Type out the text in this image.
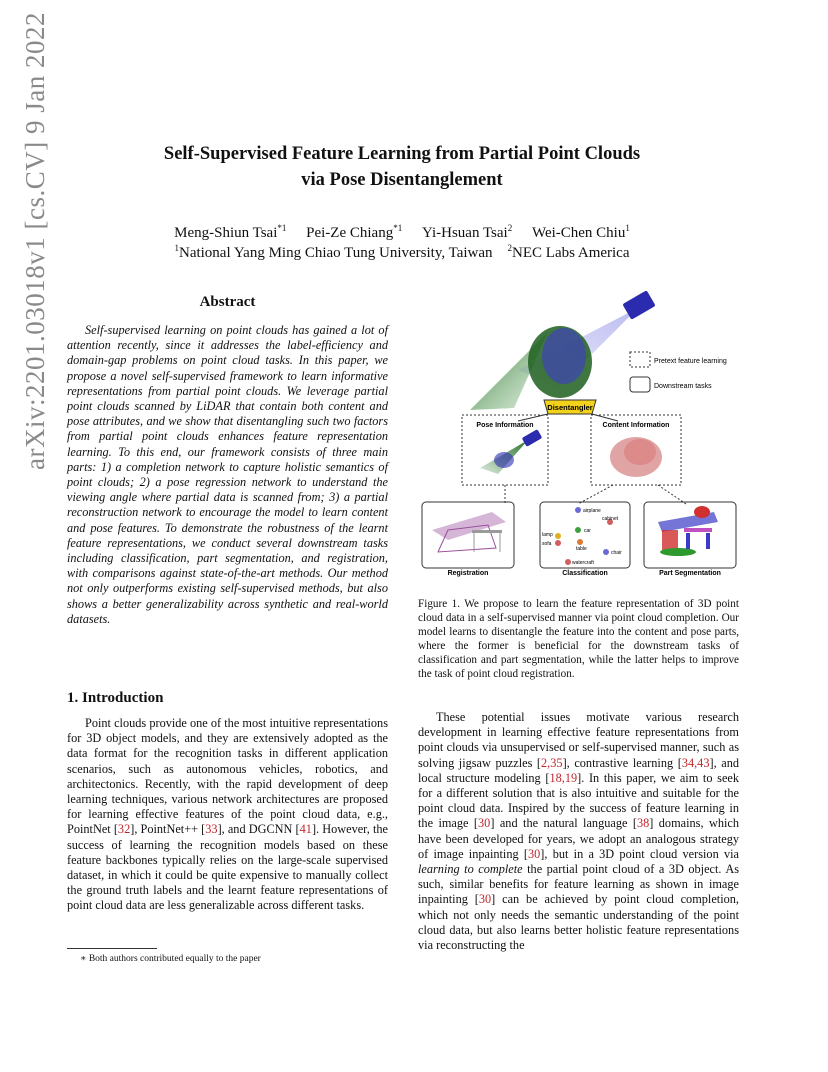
arXiv:2201.03018v1 [cs.CV] 9 Jan 2022	Self-Supervised Feature Learning from Partial Point Clouds
via Pose Disentanglement
Meng-Shiun Tsai$^{*1}$ Pei-Ze Chiang$^{*1}$ Yi-Hsuan Tsai$^2$ Wei-Chen Chiu$^1$
$^1$National Yang Ming Chiao Tung University, Taiwan $^2$NEC Labs America
Abstract

Self-supervised learning on point clouds has gained a lot of attention recently, since it addresses the label-efficiency and domain-gap problems on point cloud tasks. In this paper, we propose a novel self-supervised framework to learn informative representations from partial point clouds. We leverage partial point clouds scanned by LiDAR that contain both content and pose attributes, and we show that disentangling such two factors from partial point clouds enhances feature representation learning. To this end, our framework consists of three main parts: 1) a completion network to capture holistic semantics of point clouds; 2) a pose regression network to understand the viewing angle where partial data is scanned from; 3) a partial reconstruction network to encourage the model to learn content and pose features. To demonstrate the robustness of the learnt feature representations, we conduct several downstream tasks including classification, part segmentation, and registration, with comparisons against state-of-the-art methods. Our method not only outperforms existing self-supervised methods, but also shows a better generalizability across synthetic and real-world datasets.

1. Introduction

Point clouds provide one of the most intuitive representations for 3D object models, and they are extensively adopted as the data format for the recognition tasks in different application scenarios, such as autonomous vehicles, robotics, and architectonics. Recently, with the rapid development of deep learning techniques, various network architectures are proposed for learning effective features of the point cloud data, e.g., PointNet [32], PointNet++ [33], and DGCNN [41]. However, the success of learning the recognition models based on these feature backbones typically relies on the large-scale supervised dataset, in which it could be quite expensive to manually collect the ground truth labels and the learnt feature representations of point cloud data are less generalizable across different tasks.

∗ Both authors contributed equally to the paper
Pretext feature learning
Downstream tasks
Disentangler
Pose Information	Content Information
Registration
airplane
cabinet
car
lamp
sofa
table
chair
watercraft
Classification	Part Segmentation
Figure 1. We propose to learn the feature representation of 3D point cloud data in a self-supervised manner via point cloud completion. Our model learns to disentangle the feature into the content and pose parts, where the former is beneficial for the downstream tasks of classification and part segmentation, while the latter helps to improve the task of point cloud registration.

These potential issues motivate various research development in learning effective feature representations from point clouds via unsupervised or self-supervised manner, such as solving jigsaw puzzles [2,35], contrastive learning [34,43], and local structure modeling [18,19]. In this paper, we aim to seek for a different solution that is also intuitive and suitable for the point cloud data. Inspired by the success of feature learning in the image [30] and the natural language [38] domains, which have been developed for years, we adopt an analogous strategy of image inpainting [30], but in a 3D point cloud version via learning to complete the partial point cloud of a 3D object. As such, similar benefits for feature learning as shown in image inpainting [30] can be achieved by point cloud completion, which not only needs the semantic understanding of the point cloud data, but also learns better holistic feature representations via reconstructing the
